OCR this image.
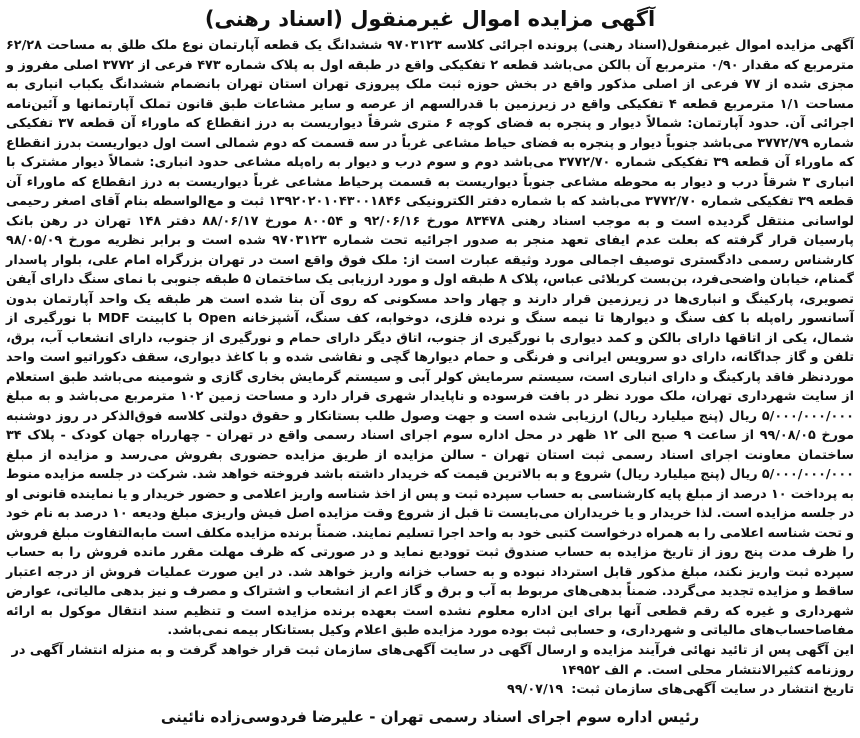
آگهی مزایده اموال غیرمنقول (اسناد رهنی)

آگهی مزایده اموال غیرمنقول(اسناد رهنی) پرونده اجرائی کلاسه ۹۷۰۳۱۲۳ ششدانگ یک قطعه آپارتمان نوع ملک طلق به مساحت ۶۲/۲۸ مترمربع که مقدار ۰/۹۰ مترمربع آن بالکن می‌باشد قطعه ۲ تفکیکی واقع در طبقه اول به پلاک شماره ۴۷۳ فرعی از ۳۷۷۲ اصلی مفروز و مجزی شده از ۷۷ فرعی از اصلی مذکور واقع در بخش حوزه ثبت ملک پیروزی تهران استان تهران بانضمام ششدانگ یکباب انباری به مساحت ۱/۱ مترمربع قطعه ۴ تفکیکی واقع در زیرزمین با قدرالسهم از عرصه و سایر مشاعات طبق قانون تملک آپارتمانها و آئین‌نامه اجرائی آن. حدود آپارتمان: شمالاً دیوار و پنجره به فضای کوچه ۶ متری شرقاً دیواریست به درز انقطاع که ماوراء آن قطعه ۳۷ تفکیکی شماره ۳۷۷۲/۷۹ می‌باشد جنوباً دیوار و پنجره به فضای حیاط مشاعی غرباً در سه قسمت که دوم شمالی است اول دیواریست بدرز انقطاع که ماوراء آن قطعه ۳۹ تفکیکی شماره ۳۷۷۲/۷۰ می‌باشد دوم و سوم درب و دیوار به راه‌پله مشاعی حدود انباری: شمالاً دیوار مشترک با انباری ۳ شرقاً درب و دیوار به محوطه مشاعی جنوباً دیواریست به قسمت پرحیاط مشاعی غرباً دیواریست به درز انقطاع که ماوراء آن قطعه ۳۹ تفکیکی شماره ۳۷۷۲/۷۰ می‌باشد که با شماره دفتر الکترونیکی ۱۳۹۲۰۲۰۱۰۴۳۰۰۱۸۴۶ ثبت و مع‌الواسطه بنام آقای اصغر رحیمی لواسانی منتقل گردیده است و به موجب اسناد رهنی ۸۳۴۷۸ مورخ ۹۲/۰۶/۱۶ و ۸۰۰۵۴ مورخ ۸۸/۰۶/۱۷ دفتر ۱۴۸ تهران در رهن بانک پارسیان قرار گرفته که بعلت عدم ایفای تعهد منجر به صدور اجرائیه تحت شماره ۹۷۰۳۱۲۳ شده است و برابر نظریه مورخ ۹۸/۰۵/۰۹ کارشناس رسمی دادگستری توصیف اجمالی مورد وثیقه عبارت است از: ملک فوق واقع است در تهران بزرگراه امام علی، بلوار پاسدار گمنام، خیابان واضحی‌فرد، بن‌بست کربلائی عباس، پلاک ۸ طبقه اول و مورد ارزیابی یک ساختمان ۵ طبقه جنوبی با نمای سنگ دارای آیفن تصویری، پارکینگ و انباری‌ها در زیرزمین قرار دارند و چهار واحد مسکونی که روی آن بنا شده است هر طبقه یک واحد آپارتمان بدون آسانسور راه‌پله با کف سنگ و دیوارها تا نیمه سنگ و نرده فلزی، دوخوابه، کف سنگ، آشپزخانه Open با کابینت MDF با نورگیری از شمال، یکی از اتاقها دارای بالکن و کمد دیواری با نورگیری از جنوب، اتاق دیگر دارای حمام و نورگیری از جنوب، دارای انشعاب آب، برق، تلفن و گاز جداگانه، دارای دو سرویس ایرانی و فرنگی و حمام دیوارها گچی و نقاشی شده و با کاغذ دیواری، سقف دکوراتیو است واحد موردنظر فاقد پارکینگ و دارای انباری است، سیستم سرمایش کولر آبی و سیستم گرمایش بخاری گازی و شومینه می‌باشد طبق استعلام از سایت شهرداری تهران، ملک مورد نظر در بافت فرسوده و ناپایدار شهری قرار دارد و مساحت زمین ۱۰۲ مترمربع می‌باشد و به مبلغ ۵/۰۰۰/۰۰۰/۰۰۰ ریال (پنج میلیارد ریال) ارزیابی شده است و جهت وصول طلب بستانکار و حقوق دولتی کلاسه فوق‌الذکر در روز دوشنبه مورخ ۹۹/۰۸/۰۵ از ساعت ۹ صبح الی ۱۲ ظهر در محل اداره سوم اجرای اسناد رسمی واقع در تهران - چهارراه جهان کودک - پلاک ۳۴ ساختمان معاونت اجرای اسناد رسمی ثبت استان تهران - سالن مزایده از طریق مزایده حضوری بفروش می‌رسد و مزایده از مبلغ ۵/۰۰۰/۰۰۰/۰۰۰ ریال (پنج میلیارد ریال) شروع و به بالاترین قیمت که خریدار داشته باشد فروخته خواهد شد. شرکت در جلسه مزایده منوط به پرداخت ۱۰ درصد از مبلغ پایه کارشناسی به حساب سپرده ثبت و پس از اخذ شناسه واریز اعلامی و حضور خریدار و یا نماینده قانونی او در جلسه مزایده است. لذا خریدار و یا خریداران می‌بایست تا قبل از شروع وقت مزایده اصل فیش واریزی مبلغ ودیعه ۱۰ درصد به نام خود و تحت شناسه اعلامی را به همراه درخواست کتبی خود به واحد اجرا تسلیم نمایند. ضمناً برنده مزایده مکلف است مابه‌التفاوت مبلغ فروش را ظرف مدت پنج روز از تاریخ مزایده به حساب صندوق ثبت توودیع نماید و در صورتی که ظرف مهلت مقرر مانده فروش را به حساب سپرده ثبت واریز نکند، مبلغ مذکور قابل استرداد نبوده و به حساب خزانه واریز خواهد شد. در این صورت عملیات فروش از درجه اعتبار ساقط و مزایده تجدید می‌گردد. ضمناً بدهی‌های مربوط به آب و برق و گاز اعم از انشعاب و اشتراک و مصرف و نیز بدهی مالیاتی، عوارض شهرداری و غیره که رقم قطعی آنها برای این اداره معلوم نشده است بعهده برنده مزایده است و تنظیم سند انتقال موکول به ارائه مفاصاحساب‌های مالیاتی و شهرداری، و حسابی ثبت بوده مورد مزایده طبق اعلام وکیل بستانکار بیمه نمی‌باشد.

این آگهی پس از تائید نهائی فرآیند مزایده و ارسال آگهی در سایت آگهی‌های سازمان ثبت قرار خواهد گرفت و به منزله انتشار آگهی در روزنامه کثیرالانتشار محلی است. م الف ۱۴۹۵۲
تاریخ انتشار در سایت آگهی‌های سازمان ثبت:
۹۹/۰۷/۱۹
رئیس اداره سوم اجرای اسناد رسمی تهران - علیرضا فردوسی‌زاده نائینی
